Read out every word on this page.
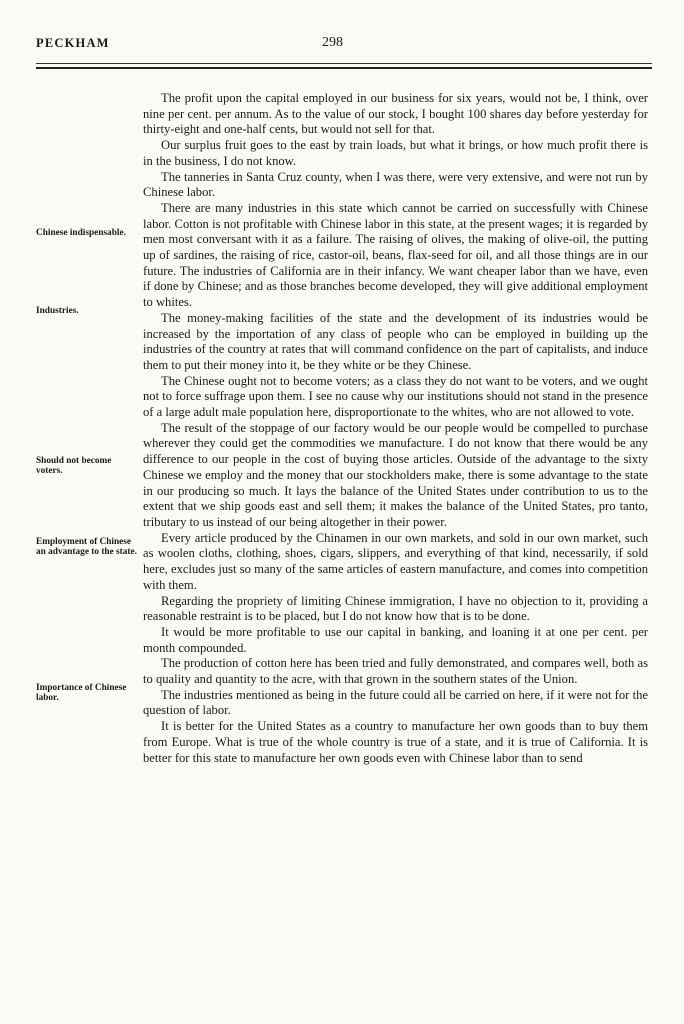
PECKHAM	298
Chinese indispensable.
Industries.
Should not become voters.
Employment of Chinese an advantage to the state.
Importance of Chinese labor.

The profit upon the capital employed in our business for six years, would not be, I think, over nine per cent. per annum. As to the value of our stock, I bought 100 shares day before yesterday for thirty-eight and one-half cents, but would not sell for that.

Our surplus fruit goes to the east by train loads, but what it brings, or how much profit there is in the business, I do not know.

The tanneries in Santa Cruz county, when I was there, were very extensive, and were not run by Chinese labor.

There are many industries in this state which cannot be carried on successfully with Chinese labor. Cotton is not profitable with Chinese labor in this state, at the present wages; it is regarded by men most conversant with it as a failure. The raising of olives, the making of olive-oil, the putting up of sardines, the raising of rice, castor-oil, beans, flax-seed for oil, and all those things are in our future. The industries of California are in their infancy. We want cheaper labor than we have, even if done by Chinese; and as those branches become developed, they will give additional employment to whites.

The money-making facilities of the state and the development of its industries would be increased by the importation of any class of people who can be employed in building up the industries of the country at rates that will command confidence on the part of capitalists, and induce them to put their money into it, be they white or be they Chinese.

The Chinese ought not to become voters; as a class they do not want to be voters, and we ought not to force suffrage upon them. I see no cause why our institutions should not stand in the presence of a large adult male population here, disproportionate to the whites, who are not allowed to vote.

The result of the stoppage of our factory would be our people would be compelled to purchase wherever they could get the commodities we manufacture. I do not know that there would be any difference to our people in the cost of buying those articles. Outside of the advantage to the sixty Chinese we employ and the money that our stockholders make, there is some advantage to the state in our producing so much. It lays the balance of the United States under contribution to us to the extent that we ship goods east and sell them; it makes the balance of the United States, pro tanto, tributary to us instead of our being altogether in their power.

Every article produced by the Chinamen in our own markets, and sold in our own market, such as woolen cloths, clothing, shoes, cigars, slippers, and everything of that kind, necessarily, if sold here, excludes just so many of the same articles of eastern manufacture, and comes into competition with them.

Regarding the propriety of limiting Chinese immigration, I have no objection to it, providing a reasonable restraint is to be placed, but I do not know how that is to be done.

It would be more profitable to use our capital in banking, and loaning it at one per cent. per month compounded.

The production of cotton here has been tried and fully demonstrated, and compares well, both as to quality and quantity to the acre, with that grown in the southern states of the Union.

The industries mentioned as being in the future could all be carried on here, if it were not for the question of labor.

It is better for the United States as a country to manufacture her own goods than to buy them from Europe. What is true of the whole country is true of a state, and it is true of California. It is better for this state to manufacture her own goods even with Chinese labor than to send
